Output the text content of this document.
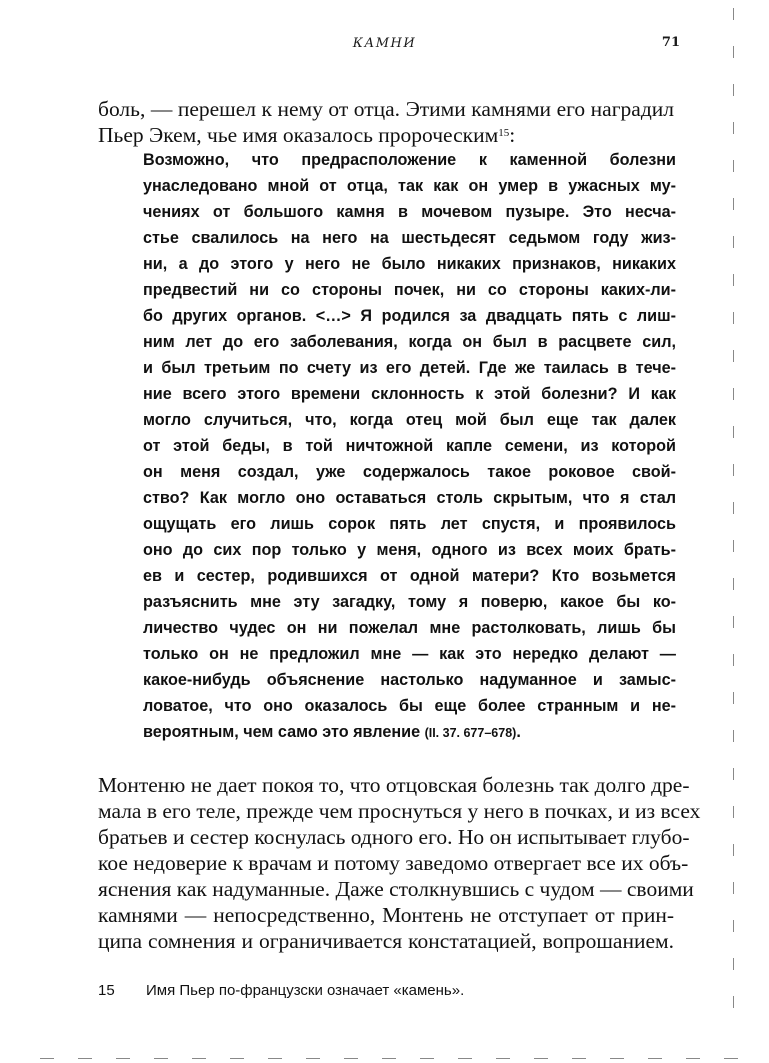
КАМНИ	71
боль, — перешел к нему от отца. Этими камнями его наградил
Пьер Экем, чье имя оказалось пророческим$^{15}$:
Возможно, что предрасположение к каменной болезни
унаследовано мной от отца, так как он умер в ужасных му-
чениях от большого камня в мочевом пузыре. Это несча-
стье свалилось на него на шестьдесят седьмом году жиз-
ни, а до этого у него не было никаких признаков, никаких
предвестий ни со стороны почек, ни со стороны каких-ли-
бо других органов. <…> Я родился за двадцать пять с лиш-
ним лет до его заболевания, когда он был в расцвете сил,
и был третьим по счету из его детей. Где же таилась в тече-
ние всего этого времени склонность к этой болезни? И как
могло случиться, что, когда отец мой был еще так далек
от этой беды, в той ничтожной капле семени, из которой
он меня создал, уже содержалось такое роковое свой-
ство? Как могло оно оставаться столь скрытым, что я стал
ощущать его лишь сорок пять лет спустя, и проявилось
оно до сих пор только у меня, одного из всех моих брать-
ев и сестер, родившихся от одной матери? Кто возьмется
разъяснить мне эту загадку, тому я поверю, какое бы ко-
личество чудес он ни пожелал мне растолковать, лишь бы
только он не предложил мне — как это нередко делают —
какое-нибудь объяснение настолько надуманное и замыс-
ловатое, что оно оказалось бы еще более странным и не-
вероятным, чем само это явление (II. 37. 677–678).
Монтеню не дает покоя то, что отцовская болезнь так долго дре-
мала в его теле, прежде чем проснуться у него в почках, и из всех
братьев и сестер коснулась одного его. Но он испытывает глубо-
кое недоверие к врачам и потому заведомо отвергает все их объ-
яснения как надуманные. Даже столкнувшись с чудом — своими
камнями — непосредственно, Монтень не отступает от прин-
ципа сомнения и ограничивается констатацией, вопрошанием.
15 Имя Пьер по-французски означает «камень».
